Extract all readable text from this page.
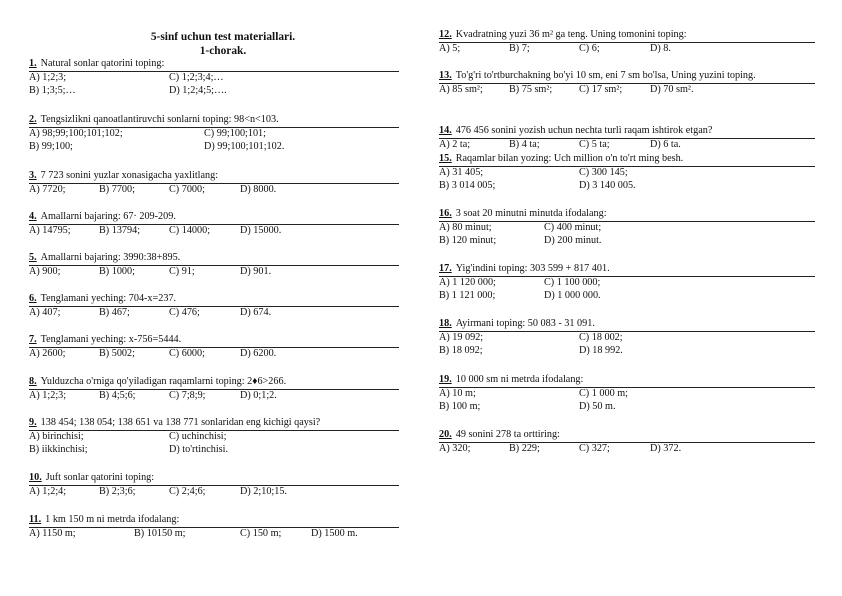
5-sinf uchun test materiallari.
1-chorak.
1. Natural sonlar qatorini toping:
A) 1;2;3;	C) 1;2;3;4;…
B) 1;3;5;…	D) 1;2;4;5;….
2. Tengsizlikni qanoatlantiruvchi sonlarni toping: 98<n<103.
A) 98;99;100;101;102;	C) 99;100;101;
B) 99;100;	D) 99;100;101;102.
3. 7 723 sonini yuzlar xonasigacha yaxlitlang:
A) 7720;	B) 7700;	C) 7000;	D) 8000.
4. Amallarni bajaring: 67· 209-209.
A) 14795;	B) 13794;	C) 14000;	D) 15000.
5. Amallarni bajaring: 3990:38+895.
A) 900;	B) 1000;	C) 91;	D) 901.
6. Tenglamani yeching: 704-x=237.
A) 407;	B) 467;	C) 476;	D) 674.
7. Tenglamani yeching: x-756=5444.
A) 2600;	B) 5002;	C) 6000;	D) 6200.
8. Yulduzcha o'rniga qo'yiladigan raqamlarni toping: 2♦6>266.
A) 1;2;3;	B) 4;5;6;	C) 7;8;9;	D) 0;1;2.
9. 138 454; 138 054; 138 651 va 138 771 sonlaridan eng kichigi qaysi?
A) birinchisi;	C) uchinchisi;
B) iikkinchisi;	D) to'rtinchisi.
10. Juft sonlar qatorini toping:
A) 1;2;4;	B) 2;3;6;	C) 2;4;6;	D) 2;10;15.
11. 1 km 150 m ni metrda ifodalang:
A) 1150 m;	B) 10150 m;	C) 150 m;	D) 1500 m.
12. Kvadratning yuzi 36 m² ga teng. Uning tomonini toping:
A) 5;	B) 7;	C) 6;	D) 8.
13. To'g'ri to'rtburchakning bo'yi 10 sm, eni 7 sm bo'lsa, Uning yuzini toping.
A) 85 sm²;	B) 75 sm²;	C) 17 sm²;	D) 70 sm².
14. 476 456 sonini yozish uchun nechta turli raqam ishtirok etgan?
A) 2 ta;	B) 4 ta;	C) 5 ta;	D) 6 ta.
15. Raqamlar bilan yozing: Uch million o'n to'rt ming besh.
A) 31 405;	C) 300 145;
B) 3 014 005;	D) 3 140 005.
16. 3 soat 20 minutni minutda ifodalang:
A) 80 minut;	C) 400 minut;
B) 120 minut;	D) 200 minut.
17. Yig'indini toping: 303 599 + 817 401.
A) 1 120 000;	C) 1 100 000;
B) 1 121 000;	D) 1 000 000.
18. Ayirmani toping: 50 083 - 31 091.
A) 19 092;	C) 18 002;
B) 18 092;	D) 18 992.
19. 10 000 sm ni metrda ifodalang:
A) 10 m;	C) 1 000 m;
B) 100 m;	D) 50 m.
20. 49 sonini 278 ta orttiring:
A) 320;	B) 229;	C) 327;	D) 372.
